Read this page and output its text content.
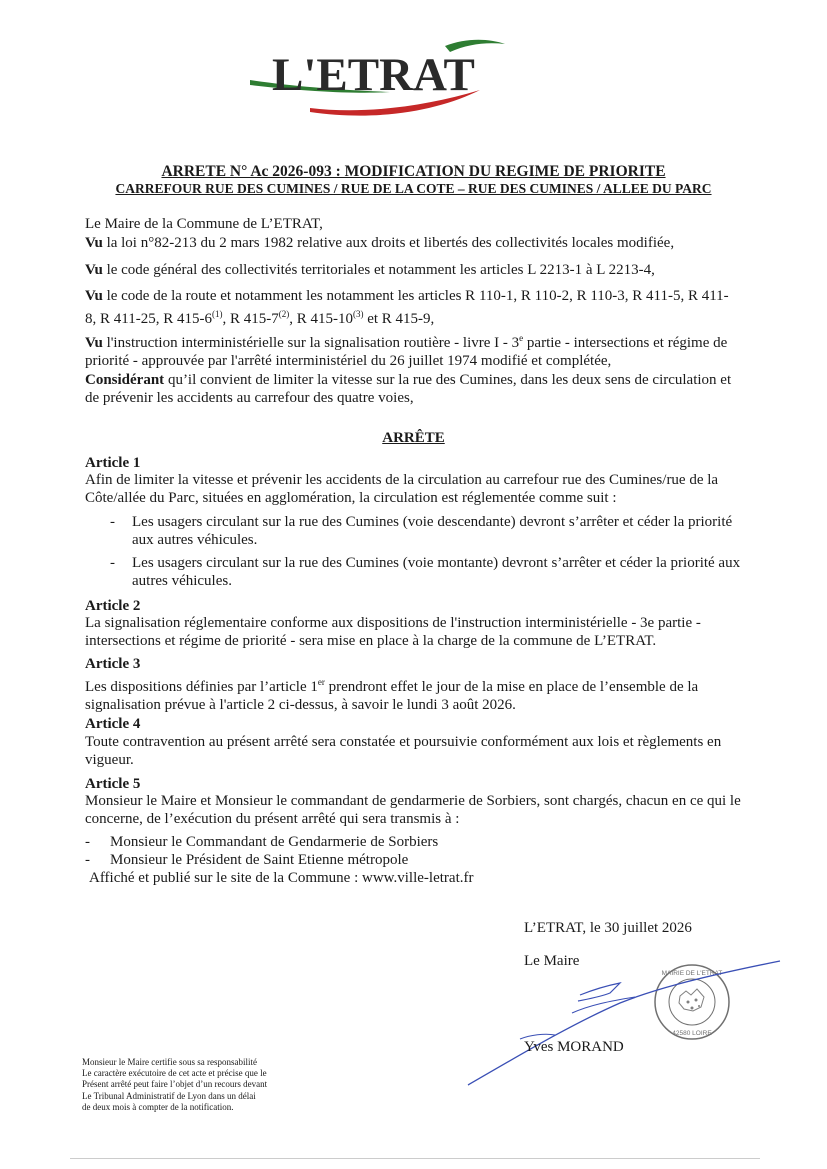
L'ETRAT
ARRETE N° Ac 2026-093 : MODIFICATION DU REGIME DE PRIORITE
CARREFOUR RUE DES CUMINES / RUE DE LA COTE – RUE DES CUMINES / ALLEE DU PARC
Le Maire de la Commune de L’ETRAT,
Vu la loi n°82-213 du 2 mars 1982 relative aux droits et libertés des collectivités locales modifiée,
Vu le code général des collectivités territoriales et notamment les articles L 2213-1 à L 2213-4,
Vu le code de la route et notamment les notamment les articles R 110-1, R 110-2, R 110-3, R 411-5, R 411-
8, R 411-25, R 415-6$^{(1)}$, R 415-7$^{(2)}$, R 415-10$^{(3)}$ et R 415-9,
Vu l'instruction interministérielle sur la signalisation routière - livre I - 3e partie - intersections et régime de
priorité - approuvée par l'arrêté interministériel du 26 juillet 1974 modifié et complétée,
Considérant qu’il convient de limiter la vitesse sur la rue des Cumines, dans les deux sens de circulation et
de prévenir les accidents au carrefour des quatre voies,
ARRÊTE
Article 1
Afin de limiter la vitesse et prévenir les accidents de la circulation au carrefour rue des Cumines/rue de la
Côte/allée du Parc, situées en agglomération, la circulation est réglementée comme suit :
- Les usagers circulant sur la rue des Cumines (voie descendante) devront s’arrêter et céder la priorité
aux autres véhicules.
- Les usagers circulant sur la rue des Cumines (voie montante) devront s’arrêter et céder la priorité aux
autres véhicules.
Article 2
La signalisation réglementaire conforme aux dispositions de l'instruction interministérielle - 3e partie -
intersections et régime de priorité - sera mise en place à la charge de la commune de L’ETRAT.
Article 3
Les dispositions définies par l’article 1er prendront effet le jour de la mise en place de l’ensemble de la
signalisation prévue à l'article 2 ci-dessus, à savoir le lundi 3 août 2026.
Article 4
Toute contravention au présent arrêté sera constatée et poursuivie conformément aux lois et règlements en
vigueur.
Article 5
Monsieur le Maire et Monsieur le commandant de gendarmerie de Sorbiers, sont chargés, chacun en ce qui le
concerne, de l’exécution du présent arrêté qui sera transmis à :
- Monsieur le Commandant de Gendarmerie de Sorbiers
- Monsieur le Président de Saint Etienne métropole
Affiché et publié sur le site de la Commune : www.ville-letrat.fr
L’ETRAT, le 30 juillet 2026
Le Maire
MAIRIE DE L'ETRAT
42580 LOIRE
Yves MORAND
Monsieur le Maire certifie sous sa responsabilité
Le caractère exécutoire de cet acte et précise que le
Présent arrêté peut faire l’objet d’un recours devant
Le Tribunal Administratif de Lyon dans un délai
de deux mois à compter de la notification.
